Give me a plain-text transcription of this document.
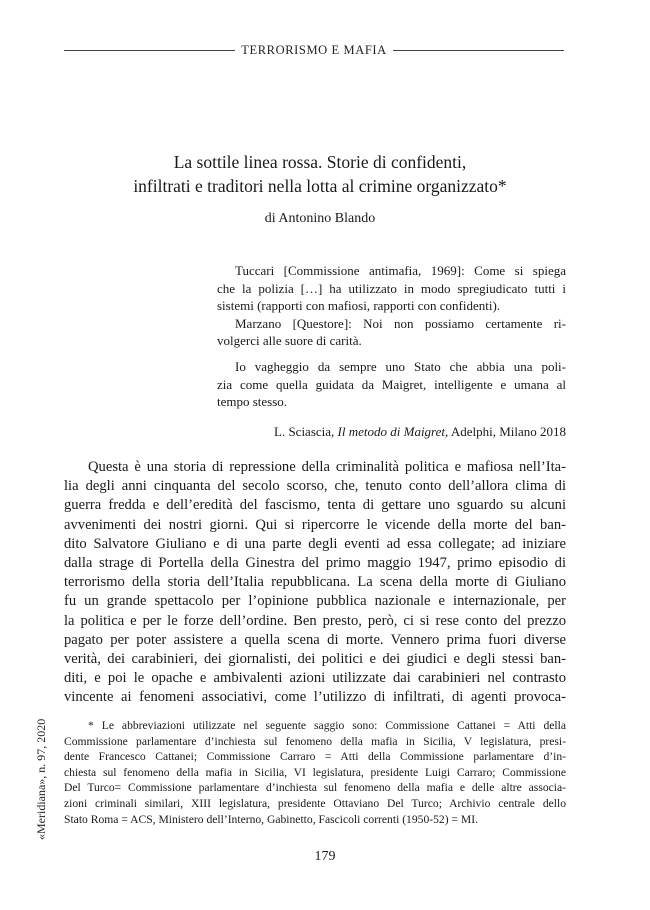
TERRORISMO E MAFIA
La sottile linea rossa. Storie di confidenti,
infiltrati e traditori nella lotta al crimine organizzato*

di Antonino Blando

Tuccari [Commissione antimafia, 1969]: Come si spiega
che la polizia […] ha utilizzato in modo spregiudicato tutti i
sistemi (rapporti con mafiosi, rapporti con confidenti).
Marzano [Questore]: Noi non possiamo certamente ri-
volgerci alle suore di carità.

Io vagheggio da sempre uno Stato che abbia una poli-
zia come quella guidata da Maigret, intelligente e umana al
tempo stesso.

L. Sciascia, Il metodo di Maigret, Adelphi, Milano 2018

Questa è una storia di repressione della criminalità politica e mafiosa nell’Ita-
lia degli anni cinquanta del secolo scorso, che, tenuto conto dell’allora clima di
guerra fredda e dell’eredità del fascismo, tenta di gettare uno sguardo su alcuni
avvenimenti dei nostri giorni. Qui si ripercorre le vicende della morte del ban-
dito Salvatore Giuliano e di una parte degli eventi ad essa collegate; ad iniziare
dalla strage di Portella della Ginestra del primo maggio 1947, primo episodio di
terrorismo della storia dell’Italia repubblicana. La scena della morte di Giuliano
fu un grande spettacolo per l’opinione pubblica nazionale e internazionale, per
la politica e per le forze dell’ordine. Ben presto, però, ci si rese conto del prezzo
pagato per poter assistere a quella scena di morte. Vennero prima fuori diverse
verità, dei carabinieri, dei giornalisti, dei politici e dei giudici e degli stessi ban-
diti, e poi le opache e ambivalenti azioni utilizzate dai carabinieri nel contrasto
vincente ai fenomeni associativi, come l’utilizzo di infiltrati, di agenti provoca-

«Meridiana», n. 97, 2020	* Le abbreviazioni utilizzate nel seguente saggio sono: Commissione Cattanei = Atti della
Commissione parlamentare d’inchiesta sul fenomeno della mafia in Sicilia, V legislatura, presi-
dente Francesco Cattanei; Commissione Carraro = Atti della Commissione parlamentare d’in-
chiesta sul fenomeno della mafia in Sicilia, VI legislatura, presidente Luigi Carraro; Commissione
Del Turco= Commissione parlamentare d’inchiesta sul fenomeno della mafia e delle altre associa-
zioni criminali similari, XIII legislatura, presidente Ottaviano Del Turco; Archivio centrale dello
Stato Roma = ACS, Ministero dell’Interno, Gabinetto, Fascicoli correnti (1950-52) = MI.

179
